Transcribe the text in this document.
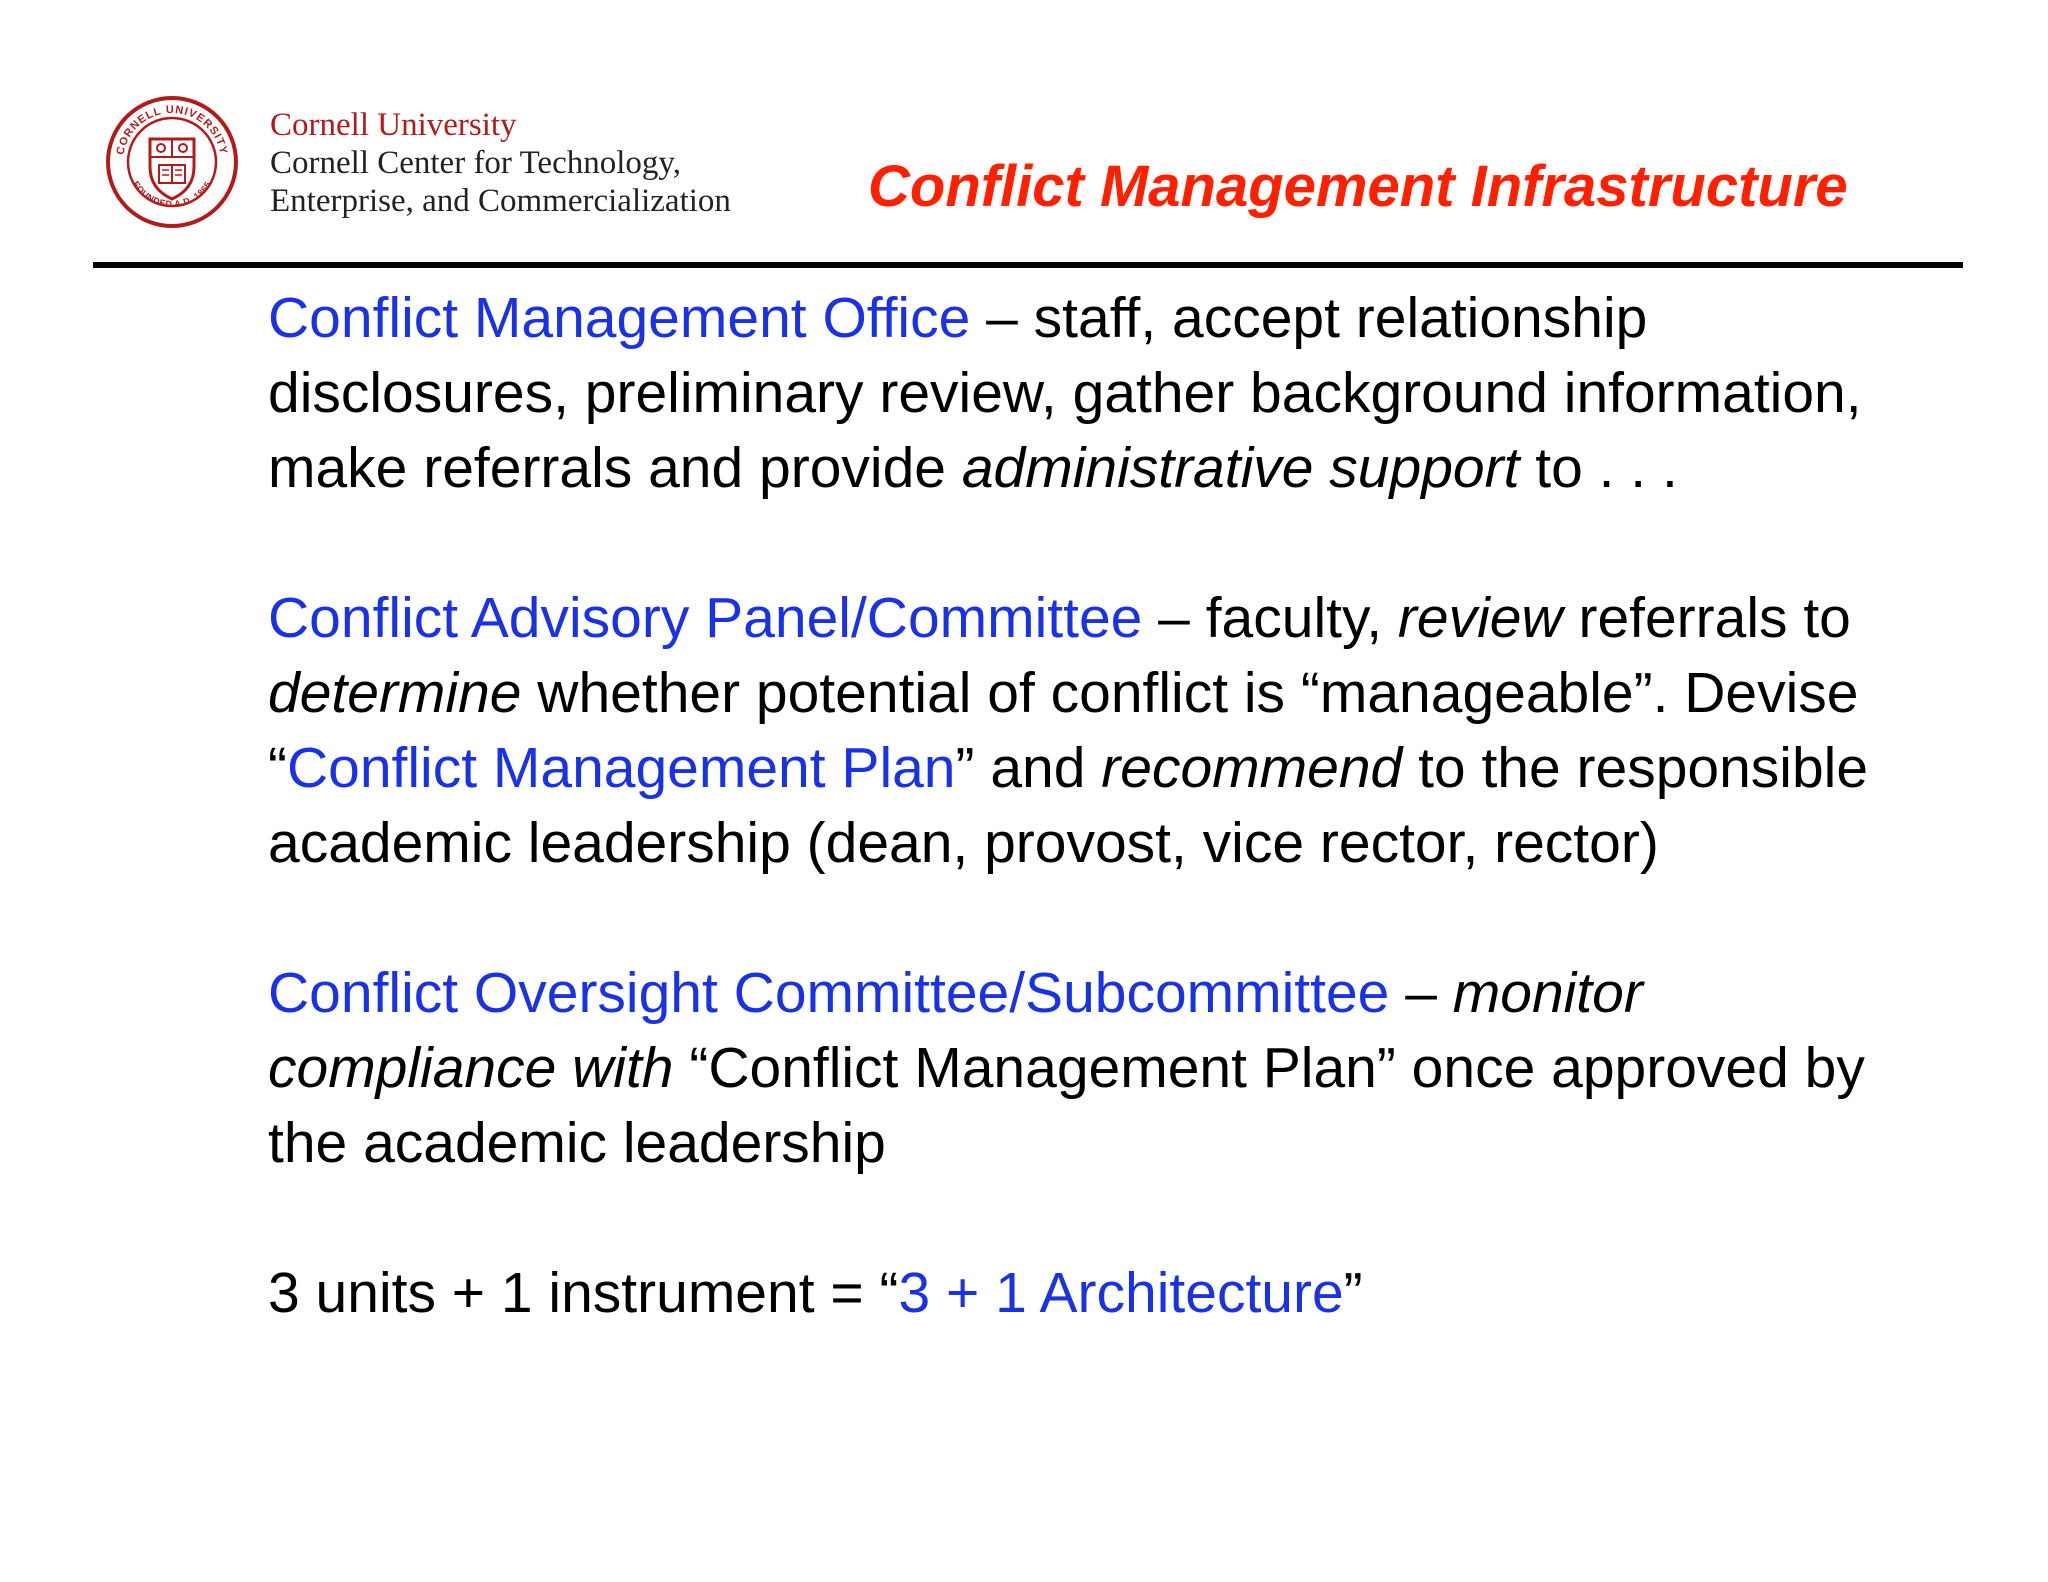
CORNELL UNIVERSITY
FOUNDED A.D. 1865
Cornell University
Cornell Center for Technology,
Enterprise, and Commercialization Conflict Management Infrastructure

Conflict Management Office – staff, accept relationship disclosures, preliminary review, gather background information, make referrals and provide administrative support to . . .

Conflict Advisory Panel/Committee – faculty, review referrals to determine whether potential of conflict is “manageable”. Devise “Conflict Management Plan” and recommend to the responsible academic leadership (dean, provost, vice rector, rector)

Conflict Oversight Committee/Subcommittee – monitor compliance with “Conflict Management Plan” once approved by the academic leadership

3 units + 1 instrument = “3 + 1 Architecture”
